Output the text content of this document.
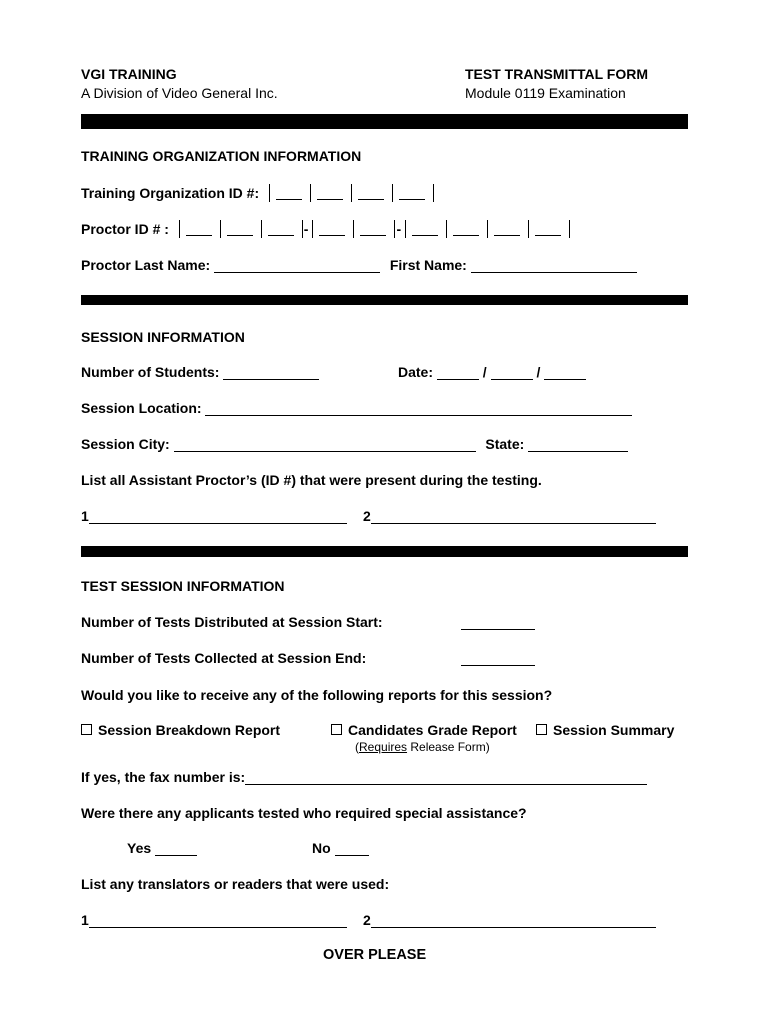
VGI TRAINING
A Division of Video General Inc.
TEST TRANSMITTAL FORM
Module 0119 Examination
TRAINING ORGANIZATION INFORMATION
Training Organization ID #:
Proctor ID # :	-	-
Proctor Last Name:	First Name:
SESSION INFORMATION
Number of Students:	Date:	/	/
Session Location:
Session City:	State:
List all Assistant Proctor’s (ID #) that were present during the testing.
1	2
TEST SESSION INFORMATION
Number of Tests Distributed at Session Start:
Number of Tests Collected at Session End:
Would you like to receive any of the following reports for this session?
Session Breakdown Report	Candidates Grade Report
(Requires Release Form)
Session Summary
If yes, the fax number is:
Were there any applicants tested who required special assistance?
Yes	No
List any translators or readers that were used:
1	2
OVER PLEASE
